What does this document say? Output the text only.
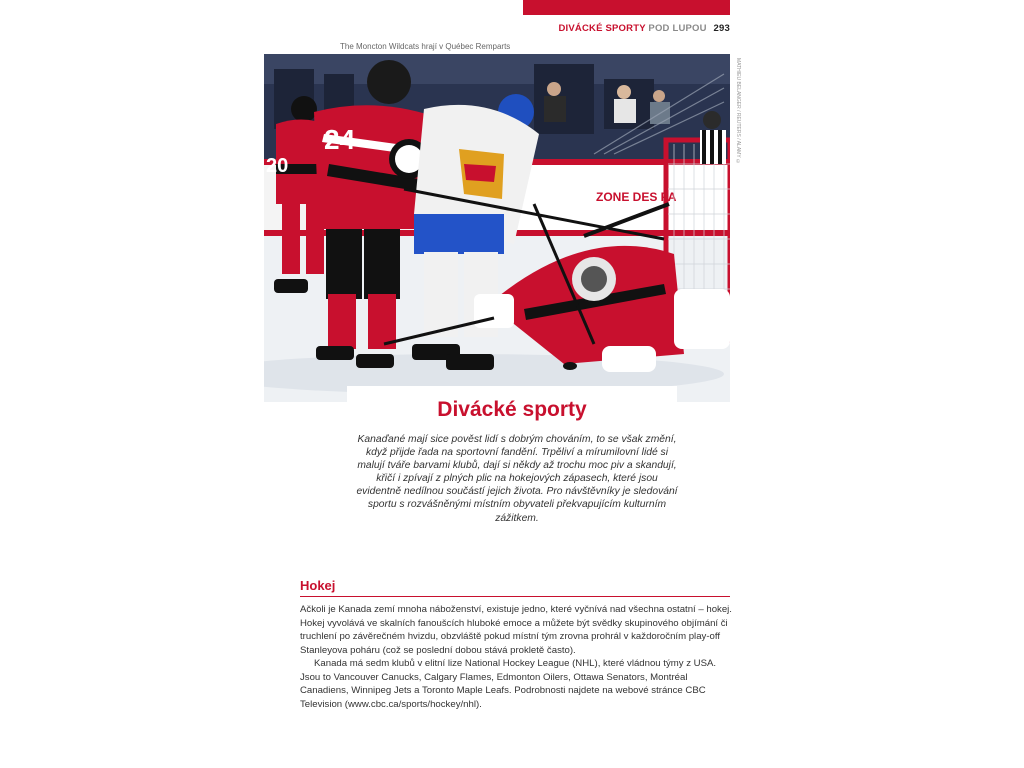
DIVÁCKÉ SPORTY POD LUPOU 293
The Moncton Wildcats hrají v Québec Remparts
ZONE DES PA
20
24	MATHIEU BELANGER / REUTERS / ALAMY ©
Divácké sporty

Kanaďané mají sice pověst lidí s dobrým chováním, to se však změní, když přijde řada na sportovní fandění. Trpěliví a mírumilovní lidé si malují tváře barvami klubů, dají si někdy až trochu moc piv a skandují, křičí i zpívají z plných plic na hokejových zápasech, které jsou evidentně nedílnou součástí jejich života. Pro návštěvníky je sledování sportu s rozvášněnými místním obyvateli překvapujícím kulturním zážitkem.

Hokej

Ačkoli je Kanada zemí mnoha náboženství, existuje jedno, které vyčnívá nad všechna ostatní – hokej. Hokej vyvolává ve skalních fanoušcích hluboké emoce a můžete být svědky skupinového objímání či truchlení po závěrečném hvizdu, obzvláště pokud místní tým zrovna prohrál v každoročním play-off Stanleyova poháru (což se poslední dobou stává prokletě často).

Kanada má sedm klubů v elitní lize National Hockey League (NHL), které vládnou týmy z USA. Jsou to Vancouver Canucks, Calgary Flames, Edmonton Oilers, Ottawa Senators, Montréal Canadiens, Winnipeg Jets a Toronto Maple Leafs. Podrobnosti najdete na webové stránce CBC Television (www.cbc.ca/sports/hockey/nhl).
